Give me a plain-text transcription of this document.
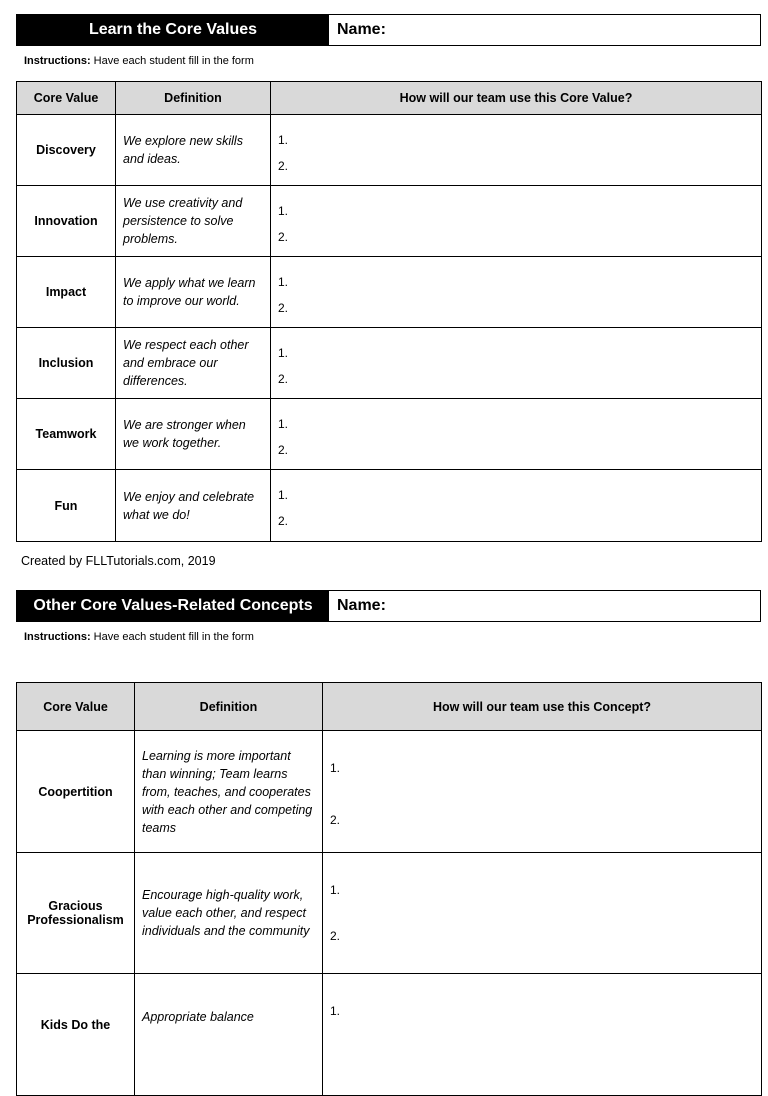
Learn the Core Values	Name:
Instructions: Have each student fill in the form
Core Value	Definition	How will our team use this Core Value?
Discovery	We explore new skills and ideas.	1.
2.

Innovation	We use creativity and persistence to solve problems.	1.
2.

Impact	We apply what we learn to improve our world.	1.
2.

Inclusion	We respect each other and embrace our differences.	1.
2.

Teamwork	We are stronger when we work together.	1.
2.

Fun	We enjoy and celebrate what we do!	1.
2.
Created by FLLTutorials.com, 2019
Other Core Values-Related Concepts	Name:
Instructions: Have each student fill in the form
Core Value	Definition	How will our team use this Concept?
Coopertition	Learning is more important than winning; Team learns from, teaches, and cooperates with each other and competing teams	1.
2.

Gracious Professionalism	Encourage high-quality work, value each other, and respect individuals and the community	1.
2.

Kids Do the	Appropriate balance	1.
